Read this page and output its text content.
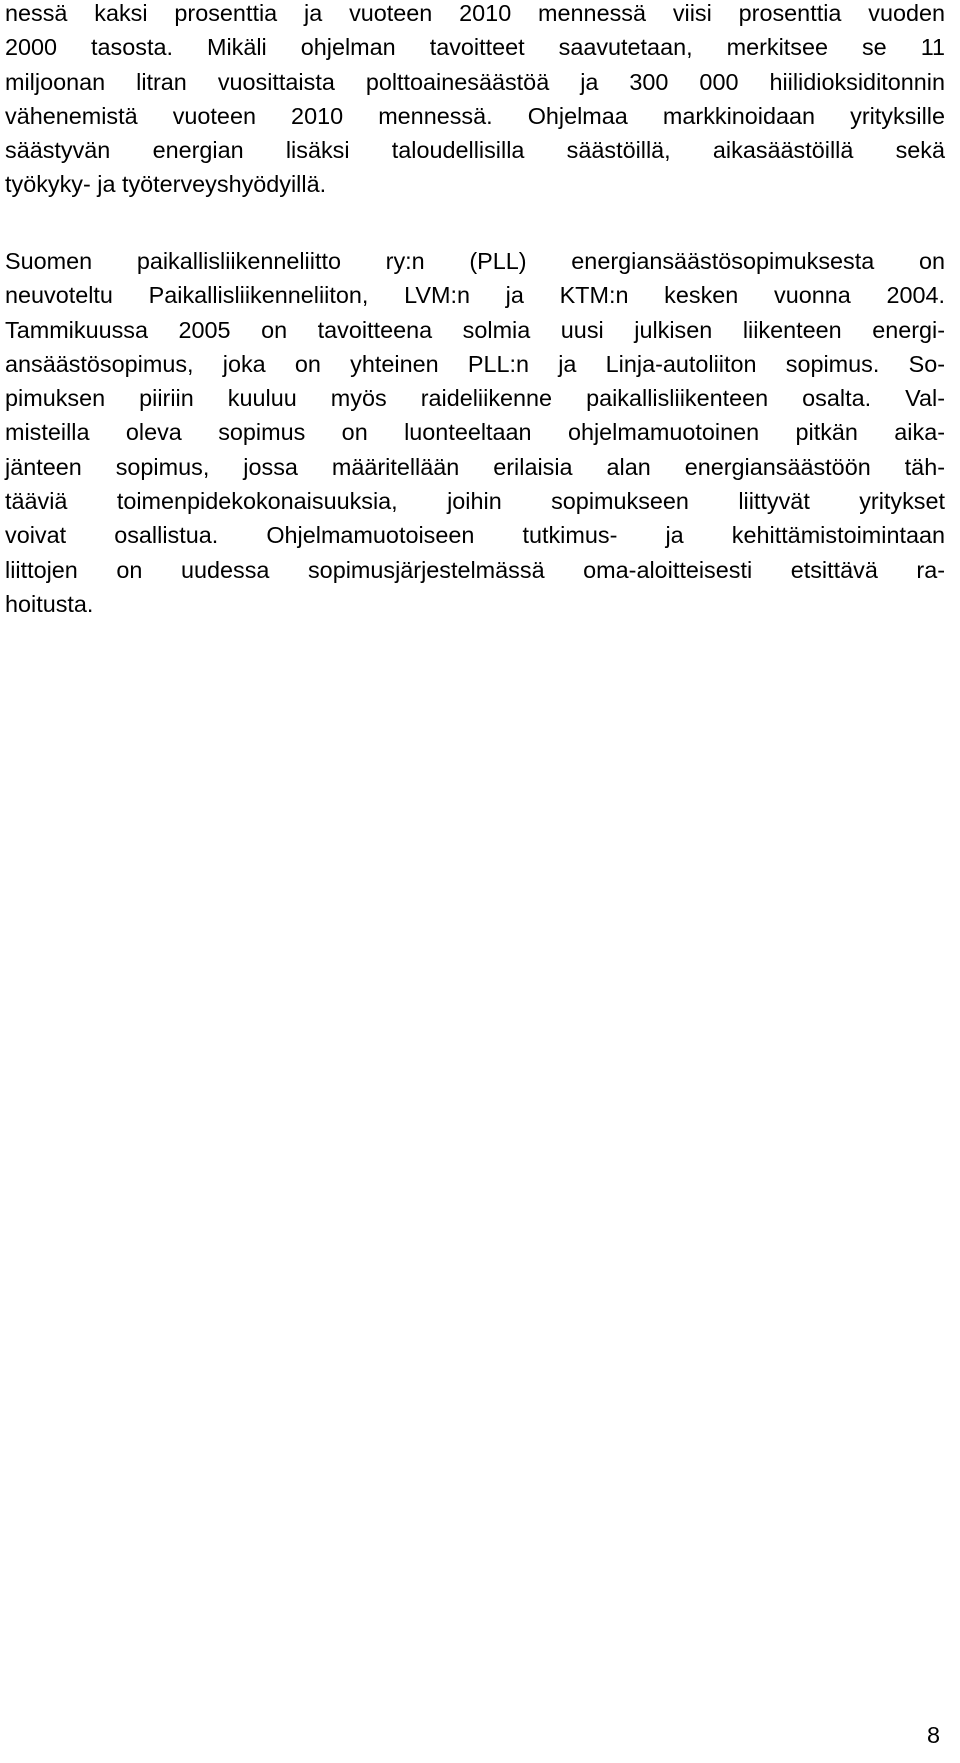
nessä kaksi prosenttia ja vuoteen 2010 mennessä viisi prosenttia vuoden
2000 tasosta. Mikäli ohjelman tavoitteet saavutetaan, merkitsee se 11
miljoonan litran vuosittaista polttoainesäästöä ja 300 000 hiilidioksiditonnin
vähenemistä vuoteen 2010 mennessä. Ohjelmaa markkinoidaan yrityksille
säästyvän energian lisäksi taloudellisilla säästöillä, aikasäästöillä sekä
työkyky- ja työterveyshyödyillä.

Suomen paikallisliikenneliitto ry:n (PLL) energiansäästösopimuksesta on
neuvoteltu Paikallisliikenneliiton, LVM:n ja KTM:n kesken vuonna 2004.
Tammikuussa 2005 on tavoitteena solmia uusi julkisen liikenteen energi-
ansäästösopimus, joka on yhteinen PLL:n ja Linja-autoliiton sopimus. So-
pimuksen piiriin kuuluu myös raideliikenne paikallisliikenteen osalta. Val-
misteilla oleva sopimus on luonteeltaan ohjelmamuotoinen pitkän aika-
jänteen sopimus, jossa määritellään erilaisia alan energiansäästöön täh-
tääviä toimenpidekokonaisuuksia, joihin sopimukseen liittyvät yritykset
voivat osallistua. Ohjelmamuotoiseen tutkimus- ja kehittämistoimintaan
liittojen on uudessa sopimusjärjestelmässä oma-aloitteisesti etsittävä ra-
hoitusta.

8
